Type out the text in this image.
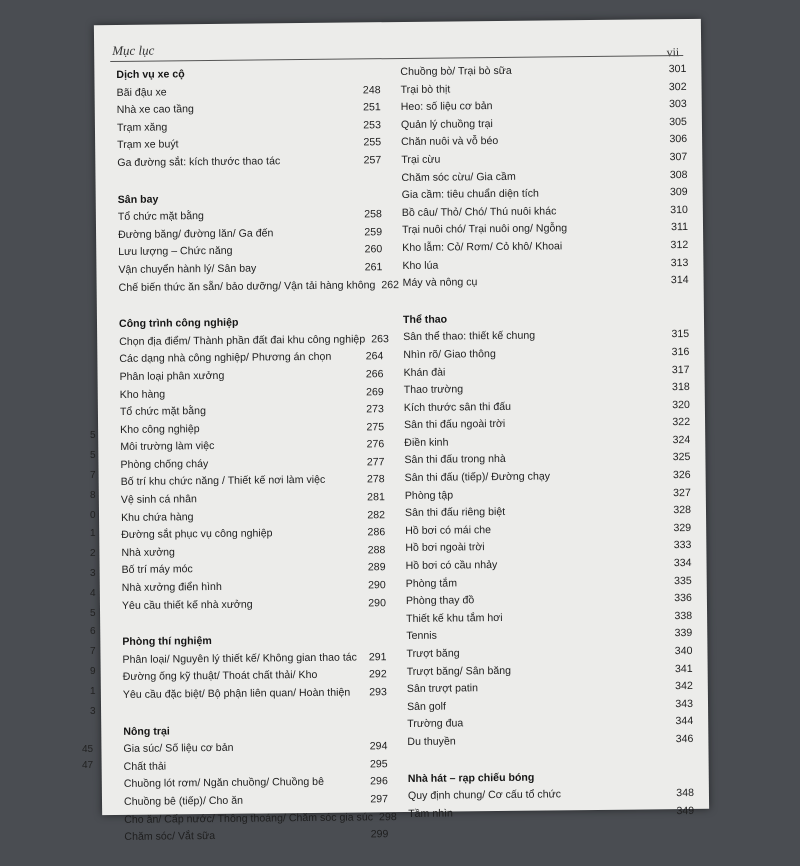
Mục lục	vii
Dịch vụ xe cộ
Bãi đậu xe	248
Nhà xe cao tầng	251
Trạm xăng	253
Trạm xe buýt	255
Ga đường sắt: kích thước thao tác	257
Sân bay
Tổ chức mặt bằng	258
Đường băng/ đường lăn/ Ga đến	259
Lưu lượng – Chức năng	260
Vận chuyển hành lý/ Sân bay	261
Chế biến thức ăn sẵn/ bảo dưỡng/ Vận tải hàng không 262
Công trình công nghiệp
Chọn địa điểm/ Thành phần đất đai khu công nghiệp 263
Các dạng nhà công nghiệp/ Phương án chọn	264
Phân loại phân xưởng	266
Kho hàng	269
Tổ chức mặt bằng	273
Kho công nghiệp	275
Môi trường làm việc	276
Phòng chống cháy	277
Bố trí khu chức năng / Thiết kế nơi làm việc	278
Vệ sinh cá nhân	281
Khu chứa hàng	282
Đường sắt phục vụ công nghiệp	286
Nhà xưởng	288
Bố trí máy móc	289
Nhà xưởng điển hình	290
Yêu cầu thiết kế nhà xưởng	290
Phòng thí nghiệm
Phân loại/ Nguyên lý thiết kế/ Không gian thao tác	291
Đường ống kỹ thuật/ Thoát chất thải/ Kho	292
Yêu cầu đặc biệt/ Bộ phận liên quan/ Hoàn thiện	293
Nông trại
Gia súc/ Số liệu cơ bản	294
Chất thải	295
Chuồng lót rơm/ Ngăn chuồng/ Chuồng bê	296
Chuồng bê (tiếp)/ Cho ăn	297
Cho ăn/ Cấp nước/ Thông thoáng/ Chăm sóc gia súc 298
Chăm sóc/ Vắt sữa	299
Chuồng bò/ Trại bò sữa	301
Trại bò thịt	302
Heo: số liệu cơ bản	303
Quản lý chuồng trại	305
Chăn nuôi và vỗ béo	306
Trại cừu	307
Chăm sóc cừu/ Gia cầm	308
Gia cầm: tiêu chuẩn diện tích	309
Bồ câu/ Thỏ/ Chó/ Thú nuôi khác	310
Trại nuôi chó/ Trại nuôi ong/ Ngỗng	311
Kho lẫm: Cỏ/ Rơm/ Cỏ khô/ Khoai	312
Kho lúa	313
Máy và nông cụ	314
Thể thao
Sân thể thao: thiết kế chung	315
Nhìn rõ/ Giao thông	316
Khán đài	317
Thao trường	318
Kích thước sân thi đấu	320
Sân thi đấu ngoài trời	322
Điền kinh	324
Sân thi đấu trong nhà	325
Sân thi đấu (tiếp)/ Đường chạy	326
Phòng tập	327
Sân thi đấu riêng biệt	328
Hồ bơi có mái che	329
Hồ bơi ngoài trời	333
Hồ bơi có cầu nhảy	334
Phòng tắm	335
Phòng thay đồ	336
Thiết kế khu tắm hơi	338
Tennis	339
Trượt băng	340
Trượt băng/ Sân băng	341
Sân trượt patin	342
Sân golf	343
Trường đua	344
Du thuyền	346
Nhà hát – rạp chiếu bóng
Quy định chung/ Cơ cấu tổ chức	348
Tầm nhìn	349
5
5
7
8
0
1
2
3
4
5
6
7
9
1
3
45
47
